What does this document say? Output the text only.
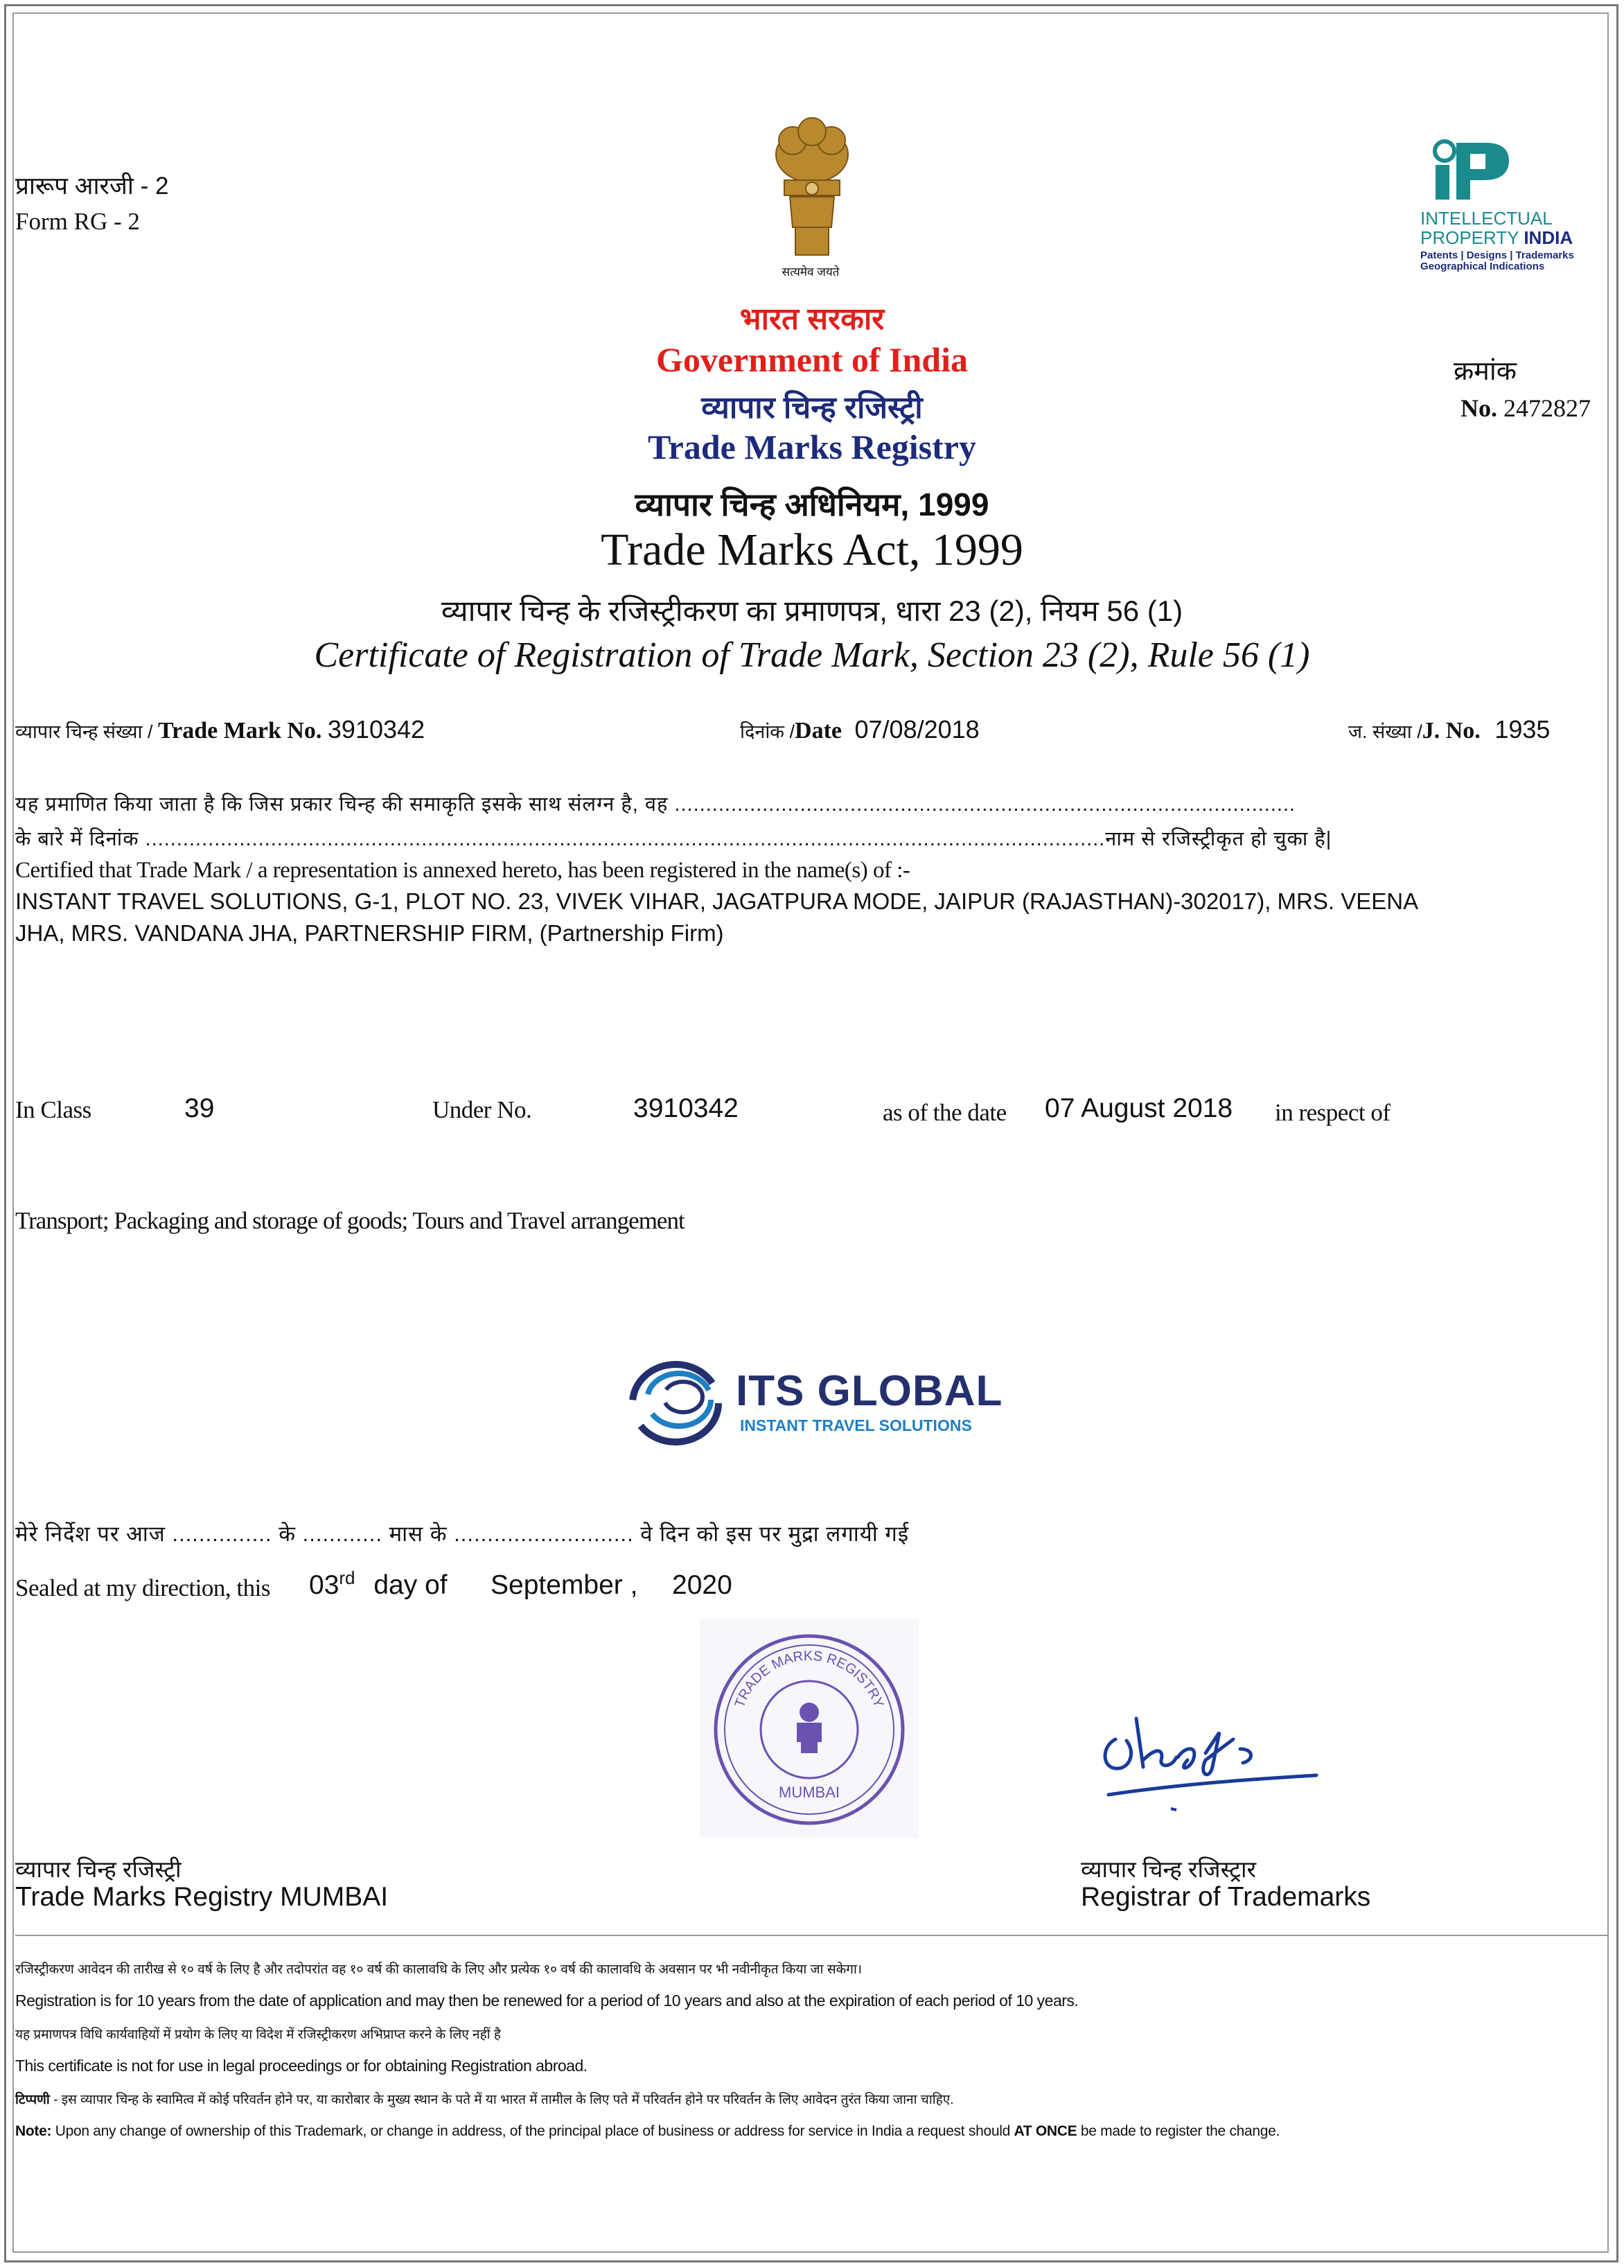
प्रारूप आरजी - 2
Form RG - 2
सत्यमेव जयते
INTELLECTUAL
PROPERTY INDIA
Patents | Designs | Trademarks
Geographical Indications
भारत सरकार
Government of India
व्यापार चिन्ह रजिस्ट्री
Trade Marks Registry
व्यापार चिन्ह अधिनियम, 1999
Trade Marks Act, 1999
व्यापार चिन्ह के रजिस्ट्रीकरण का प्रमाणपत्र, धारा 23 (2), नियम 56 (1)
Certificate of Registration of Trade Mark, Section 23 (2), Rule 56 (1)
क्रमांक
No. 2472827
व्यापार चिन्ह संख्या / Trade Mark No. 3910342	दिनांक /Date 07/08/2018	ज. संख्या /J. No. 1935
यह प्रमाणित किया जाता है कि जिस प्रकार चिन्ह की समाकृति इसके साथ संलग्न है, वह ...................................................................................................
के बारे में दिनांक .........................................................................................................................................................नाम से रजिस्ट्रीकृत हो चुका है|
Certified that Trade Mark / a representation is annexed hereto, has been registered in the name(s) of :-
INSTANT TRAVEL SOLUTIONS, G-1, PLOT NO. 23, VIVEK VIHAR, JAGATPURA MODE, JAIPUR (RAJASTHAN)-302017), MRS. VEENA
JHA, MRS. VANDANA JHA, PARTNERSHIP FIRM, (Partnership Firm)
In Class	39	Under No.	3910342	as of the date 07 August 2018 in respect of
Transport; Packaging and storage of goods; Tours and Travel arrangement
ITS GLOBAL
INSTANT TRAVEL SOLUTIONS
मेरे निर्देश पर आज ............... के ............ मास के ........................... वे दिन को इस पर मुद्रा लगायी गई
Sealed at my direction, this 03rd day of September , 2020
TRADE MARKS REGISTRY
MUMBAI
व्यापार चिन्ह रजिस्ट्री
Trade Marks Registry MUMBAI
व्यापार चिन्ह रजिस्ट्रार
Registrar of Trademarks
रजिस्ट्रीकरण आवेदन की तारीख से १० वर्ष के लिए है और तदोपरांत वह १० वर्ष की कालावधि के लिए और प्रत्येक १० वर्ष की कालावधि के अवसान पर भी नवीनीकृत किया जा सकेगा।
Registration is for 10 years from the date of application and may then be renewed for a period of 10 years and also at the expiration of each period of 10 years.
यह प्रमाणपत्र विधि कार्यवाहियों में प्रयोग के लिए या विदेश में रजिस्ट्रीकरण अभिप्राप्त करने के लिए नहीं है
This certificate is not for use in legal proceedings or for obtaining Registration abroad.
टिप्पणी - इस व्यापार चिन्ह के स्वामित्व में कोई परिवर्तन होने पर, या कारोबार के मुख्य स्थान के पते में या भारत में तामील के लिए पते में परिवर्तन होने पर परिवर्तन के लिए आवेदन तुरंत किया जाना चाहिए.
Note: Upon any change of ownership of this Trademark, or change in address, of the principal place of business or address for service in India a request should AT ONCE be made to register the change.
